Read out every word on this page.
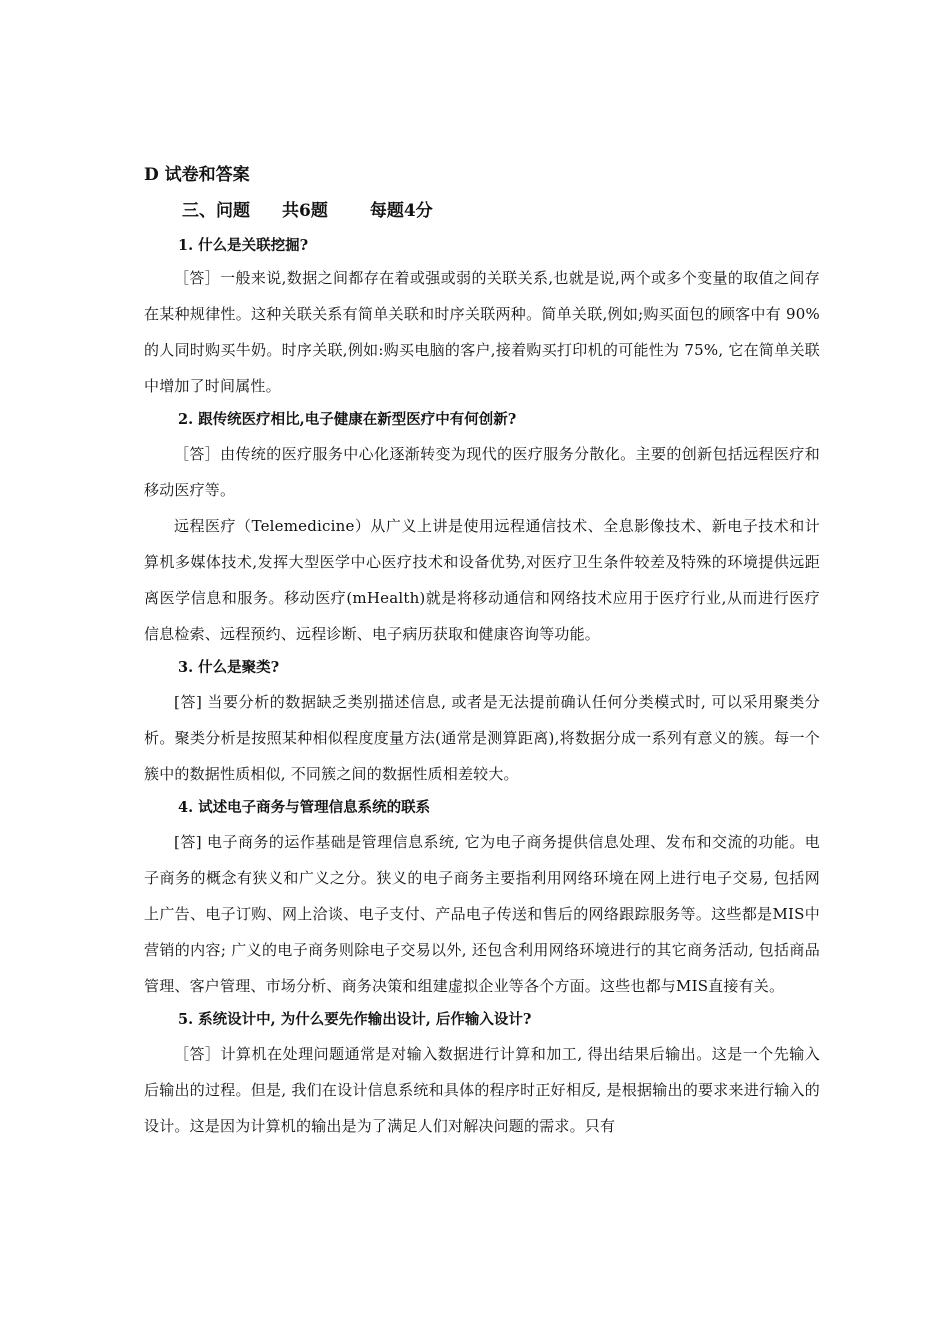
D 试卷和答案
三、问题 共6题 每题4分

1. 什么是关联挖掘?

［答］一般来说,数据之间都存在着或强或弱的关联关系,也就是说,两个或多个变量的取值之间存在某种规律性。这种关联关系有简单关联和时序关联两种。简单关联,例如;购买面包的顾客中有 90%的人同时购买牛奶。时序关联,例如:购买电脑的客户,接着购买打印机的可能性为 75%, 它在简单关联中增加了时间属性。

2. 跟传统医疗相比,电子健康在新型医疗中有何创新?

［答］由传统的医疗服务中心化逐渐转变为现代的医疗服务分散化。主要的创新包括远程医疗和移动医疗等。

远程医疗（Telemedicine）从广义上讲是使用远程通信技术、全息影像技术、新电子技术和计算机多媒体技术,发挥大型医学中心医疗技术和设备优势,对医疗卫生条件较差及特殊的环境提供远距离医学信息和服务。移动医疗(mHealth)就是将移动通信和网络技术应用于医疗行业,从而进行医疗信息检索、远程预约、远程诊断、电子病历获取和健康咨询等功能。

3. 什么是聚类?

[答] 当要分析的数据缺乏类别描述信息, 或者是无法提前确认任何分类模式时, 可以采用聚类分析。聚类分析是按照某种相似程度度量方法(通常是测算距离),将数据分成一系列有意义的簇。每一个簇中的数据性质相似, 不同簇之间的数据性质相差较大。

4. 试述电子商务与管理信息系统的联系

[答] 电子商务的运作基础是管理信息系统, 它为电子商务提供信息处理、发布和交流的功能。电子商务的概念有狭义和广义之分。狭义的电子商务主要指利用网络环境在网上进行电子交易, 包括网上广告、电子订购、网上洽谈、电子支付、产品电子传送和售后的网络跟踪服务等。这些都是MIS中营销的内容; 广义的电子商务则除电子交易以外, 还包含利用网络环境进行的其它商务活动, 包括商品管理、客户管理、市场分析、商务决策和组建虚拟企业等各个方面。这些也都与MIS直接有关。

5. 系统设计中, 为什么要先作输出设计, 后作输入设计?

［答］计算机在处理问题通常是对输入数据进行计算和加工, 得出结果后输出。这是一个先输入后输出的过程。但是, 我们在设计信息系统和具体的程序时正好相反, 是根据输出的要求来进行输入的设计。这是因为计算机的输出是为了满足人们对解决问题的需求。只有
